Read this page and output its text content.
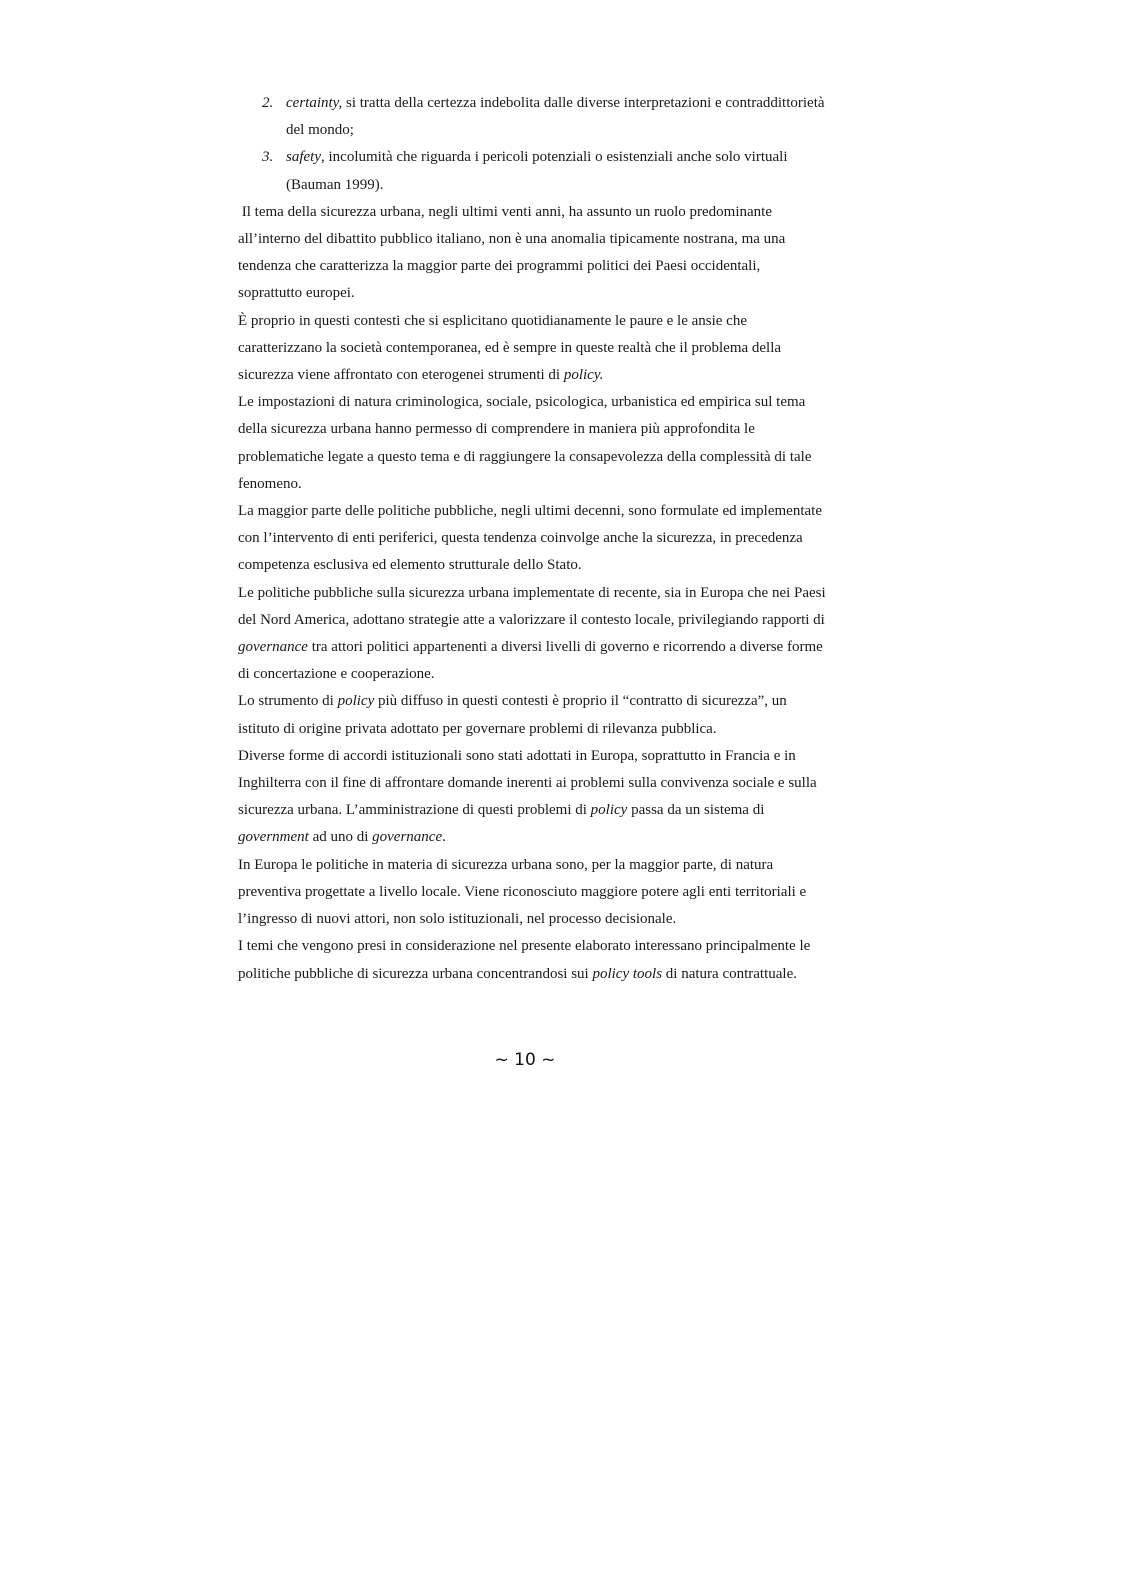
2. certainty, si tratta della certezza indebolita dalle diverse interpretazioni e contraddittorietà del mondo;
3. safety, incolumità che riguarda i pericoli potenziali o esistenziali anche solo virtuali (Bauman 1999).

Il tema della sicurezza urbana, negli ultimi venti anni, ha assunto un ruolo predominante all’interno del dibattito pubblico italiano, non è una anomalia tipicamente nostrana, ma una tendenza che caratterizza la maggior parte dei programmi politici dei Paesi occidentali, soprattutto europei.

È proprio in questi contesti che si esplicitano quotidianamente le paure e le ansie che caratterizzano la società contemporanea, ed è sempre in queste realtà che il problema della sicurezza viene affrontato con eterogenei strumenti di policy.

Le impostazioni di natura criminologica, sociale, psicologica, urbanistica ed empirica sul tema della sicurezza urbana hanno permesso di comprendere in maniera più approfondita le problematiche legate a questo tema e di raggiungere la consapevolezza della complessità di tale fenomeno.

La maggior parte delle politiche pubbliche, negli ultimi decenni, sono formulate ed implementate con l’intervento di enti periferici, questa tendenza coinvolge anche la sicurezza, in precedenza competenza esclusiva ed elemento strutturale dello Stato.

Le politiche pubbliche sulla sicurezza urbana implementate di recente, sia in Europa che nei Paesi del Nord America, adottano strategie atte a valorizzare il contesto locale, privilegiando rapporti di governance tra attori politici appartenenti a diversi livelli di governo e ricorrendo a diverse forme di concertazione e cooperazione.

Lo strumento di policy più diffuso in questi contesti è proprio il “contratto di sicurezza”, un istituto di origine privata adottato per governare problemi di rilevanza pubblica.

Diverse forme di accordi istituzionali sono stati adottati in Europa, soprattutto in Francia e in Inghilterra con il fine di affrontare domande inerenti ai problemi sulla convivenza sociale e sulla sicurezza urbana. L’amministrazione di questi problemi di policy passa da un sistema di  government ad uno di governance.

In Europa le politiche in materia di sicurezza urbana sono, per la maggior parte, di natura preventiva progettate a livello locale. Viene riconosciuto maggiore potere agli enti territoriali e l’ingresso di nuovi attori, non solo istituzionali, nel processo decisionale.

I temi che vengono presi in considerazione nel presente elaborato interessano principalmente le politiche pubbliche di sicurezza urbana concentrandosi sui policy tools di natura contrattuale.

~ 10 ~
